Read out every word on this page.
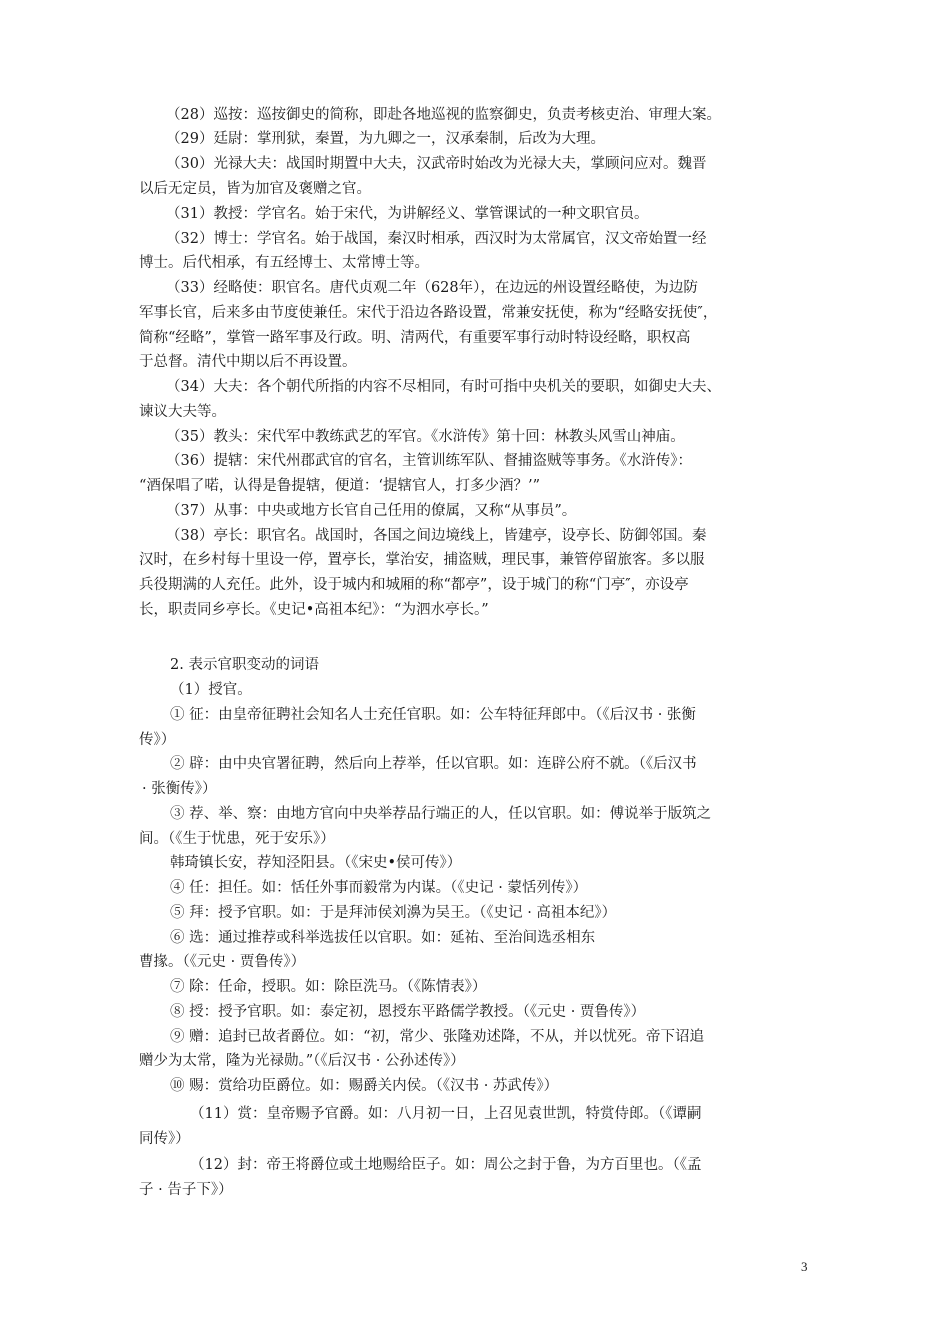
（28）巡按：巡按御史的简称，即赴各地巡视的监察御史，负责考核吏治、审理大案。
（29）廷尉：掌刑狱，秦置，为九卿之一，汉承秦制，后改为大理。
（30）光禄大夫：战国时期置中大夫，汉武帝时始改为光禄大夫，掌顾问应对。魏晋
以后无定员，皆为加官及褒赠之官。
（31）教授：学官名。始于宋代，为讲解经义、掌管课试的一种文职官员。
（32）博士：学官名。始于战国，秦汉时相承，西汉时为太常属官，汉文帝始置一经
博士。后代相承，有五经博士、太常博士等。
（33）经略使：职官名。唐代贞观二年（628年），在边远的州设置经略使，为边防
军事长官，后来多由节度使兼任。宋代于沿边各路设置，常兼安抚使，称为“经略安抚使″，
简称“经略”，掌管一路军事及行政。明、清两代，有重要军事行动时特设经略，职权高
于总督。清代中期以后不再设置。
（34）大夫：各个朝代所指的内容不尽相同，有时可指中央机关的要职，如御史大夫、
谏议大夫等。
（35）教头：宋代军中教练武艺的军官。《水浒传》第十回：林教头风雪山神庙。
（36）提辖：宋代州郡武官的官名，主管训练军队、督捕盗贼等事务。《水浒传》：
“酒保唱了喏，认得是鲁提辖，便道：‘提辖官人，打多少酒？’”
（37）从事：中央或地方长官自己任用的僚属，又称“从事员”。
（38）亭长：职官名。战国时，各国之间边境线上，皆建亭，设亭长、防御邻国。秦
汉时，在乡村每十里设一停，置亭长，掌治安，捕盗贼，理民事，兼管停留旅客。多以服
兵役期满的人充任。此外，设于城内和城厢的称“都亭”，设于城门的称“门亭″，亦设亭
长，职责同乡亭长。《史记•高祖本纪》：“为泗水亭长。”
2. 表示官职变动的词语
（1）授官。
① 征：由皇帝征聘社会知名人士充任官职。如：公车特征拜郎中。（《后汉书 · 张衡
传》）
② 辟：由中央官署征聘，然后向上荐举，任以官职。如：连辟公府不就。（《后汉书
· 张衡传》）
③ 荐、举、察：由地方官向中央举荐品行端正的人，任以官职。如：傅说举于版筑之
间。（《生于忧患，死于安乐》）
韩琦镇长安，荐知泾阳县。（《宋史•侯可传》）
④ 任：担任。如：恬任外事而毅常为内谋。（《史记 · 蒙恬列传》）
⑤ 拜：授予官职。如：于是拜沛侯刘濞为吴王。（《史记 · 高祖本纪》）
⑥ 选：通过推荐或科举选拔任以官职。如：延祐、至治间选丞相东
曹掾。（《元史 · 贾鲁传》）
⑦ 除：任命，授职。如：除臣洗马。（《陈情表》）
⑧ 授：授予官职。如：泰定初，恩授东平路儒学教授。（《元史 · 贾鲁传》）
⑨ 赠：追封已故者爵位。如：“初，常少、张隆劝述降，不从，并以忧死。帝下诏追
赠少为太常，隆为光禄勋。”（《后汉书 · 公孙述传》）
⑩ 赐：赏给功臣爵位。如：赐爵关内侯。（《汉书 · 苏武传》）
（11）赏：皇帝赐予官爵。如：八月初一日，上召见袁世凯，特赏侍郎。（《谭嗣
同传》）
（12）封：帝王将爵位或土地赐给臣子。如：周公之封于鲁，为方百里也。（《孟
子 · 告子下》）
3
